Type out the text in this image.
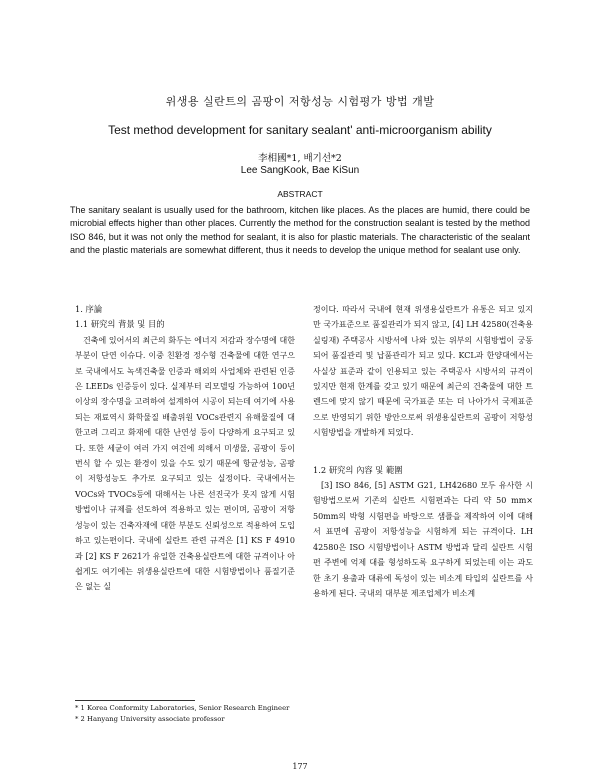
위생용 실란트의 곰팡이 저항성능 시험평가 방법 개발
Test method development for sanitary sealant' anti-microorganism ability
李相國*1, 배기선*2
Lee SangKook, Bae KiSun
ABSTRACT

The sanitary sealant is usually used for the bathroom, kitchen like places. As the places are humid, there could be microbial effects higher than other places. Currently the method for the construction sealant is tested by the method ISO 846, but it was not only the method for sealant, it is also for plastic materials. The characteristic of the sealant and the plastic materials are somewhat different, thus it needs to develop the unique method for sealant use only.

1. 序論

1.1 研究의 背景 및 目的

건축에 있어서의 최근의 화두는 에너지 저감과 장수명에 대한 부분이 단연 이슈다. 이중 친환경 정수형 건축물에 대한 연구으로 국내에서도 녹색건축물 인증과 해외의 사업체와 관련된 인증은 LEEDs 인증등이 있다. 실제부터 리모델링 가능하여 100년 이상의 장수명을 고려하여 설계하여 시공이 되는데 여기에 사용되는 재료역시 화학물질 배출위원 VOCs관련지 유해물질에 대한고려 그리고 화재에 대한 난연성 등이 다양하게 요구되고 있다. 또한 세균이 여러 가지 여건에 의해서 미생물, 곰팡이 등이 번식 할 수 있는 환경이 있을 수도 있기 때문에 항균성능, 곰팡이 저항성능도 추가로 요구되고 있는 실정이다. 국내에서는 VOCs와 TVOCs등에 대해서는 나른 선진국가 못지 않게 시험방법이나 규제를 선도하여 적용하고 있는 편이며, 곰팡이 저항성능이 있는 건축자재에 대한 부분도 신뢰성으로 적용하여 도입하고 있는편이다. 국내에 실란트 관련 규격은 [1] KS F 4910과 [2] KS F 2621가 유일한 건축용실란트에 대한 규격이나 아쉽게도 여기에는 위생용실란트에 대한 시험방법이나 품질기준은 없는 실

정이다. 따라서 국내에 현재 위생용실란트가 유통은 되고 있지만 국가표준으로 품질관리가 되지 않고, [4] LH 42580(건축용 실링재) 주택공사 시방서에 나와 있는 위부의 시험방법이 궁동되어 품질관리 및 납품관리가 되고 있다. KCL과 한양대에서는 사실상 표준과 같이 인용되고 있는 주택공사 시방서의 규격이 있지만 현재 한계를 갖고 있기 때문에 최근의 건축물에 대한 트렌드에 맞지 않기 때문에 국가표준 또는 더 나아가서 국제표준으로 반영되기 위한 방안으로써 위생용실란트의 곰팡이 저항성 시험방법을 개발하게 되었다.

1.2 研究의 內容 및 範圍

[3] ISO 846, [5] ASTM G21, LH42680 모두 유사한 시험방법으로써 기존의 실란트 시험편과는 다리 약 50 mm× 50mm의 박형 시험편을 바탕으로 샘플을 제작하여 이에 대해서 표면에 곰팡이 저항성능을 시험하게 되는 규격이다. LH 42580은 ISO 시험방법이나 ASTM 방법과 달리 실란트 시험편 주변에 억제 대를 형성하도록 요구하게 되었는데 이는 과도한 초기 용출과 대류에 독성이 있는 비소계 타입의 실란트를 사용하게 된다. 국내의 대부분 제조업체가 비소계

* 1 Korea Conformity Laboratories, Senior Research Engineer
* 2 Hanyang University associate professor
177
